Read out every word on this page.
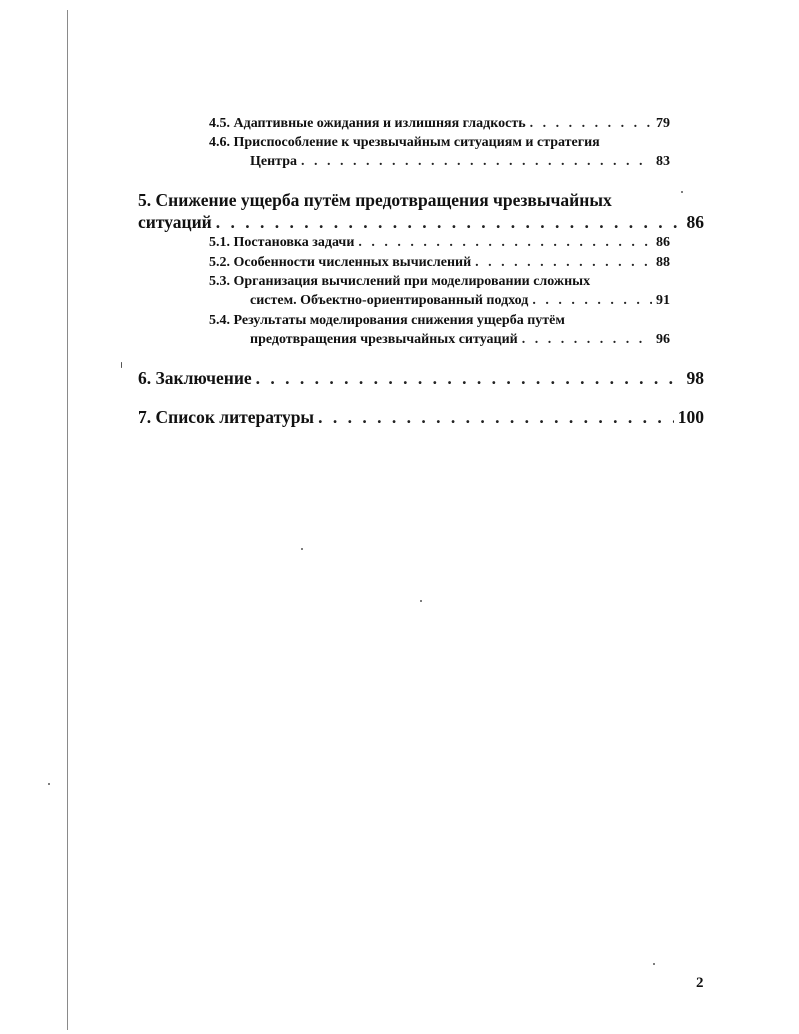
4.5. Адаптивные ожидания и излишняя гладкость . . .	79
4.6. Приспособление к чрезвычайным ситуациям и стратегия
Центра . . .	83
5. Снижение ущерба путём предотвращения чрезвычайных
ситуаций . . .	86
5.1. Постановка задачи . . .	86
5.2. Особенности численных вычислений . . .	88
5.3. Организация вычислений при моделировании сложных
систем. Объектно-ориентированный подход . . .	91
5.4. Результаты моделирования снижения ущерба путём
предотвращения чрезвычайных ситуаций . . .	96
6. Заключение . . .	98
7. Список литературы . . .	100
2
